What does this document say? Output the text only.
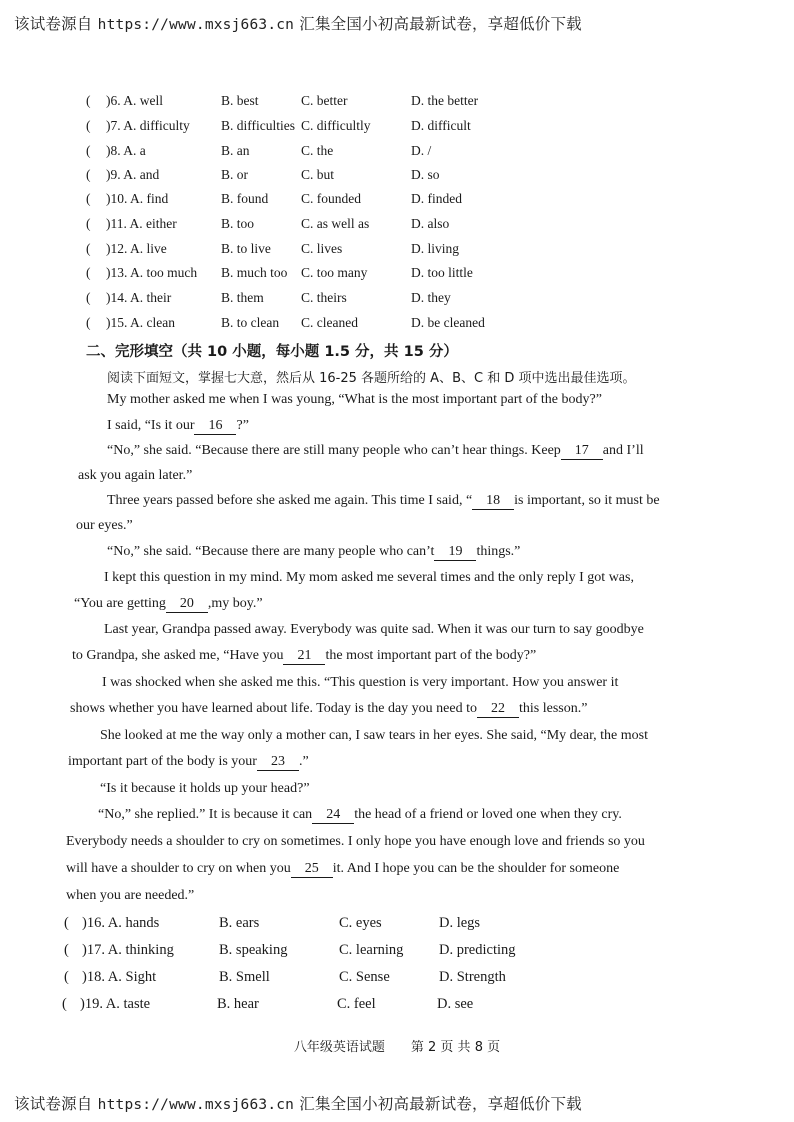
该试卷源自 https://www.mxsj663.cn 汇集全国小初高最新试卷，享超低价下载
( )6. A. well	B. best	C. better	D. the better
( )7. A. difficulty B. difficulties C. difficultly	D. difficult
( )8. A. a	B. an	C. the	D. /
( )9. A. and	B. or	C. but	D. so
( )10. A. find	B. found C. founded	D. finded
( )11. A. either	B. too	C. as well as	D. also
( )12. A. live	B. to live C. lives	D. living
( )13. A. too much B. much too C. too many	D. too little
( )14. A. their	B. them	C. theirs	D. they
( )15. A. clean	B. to clean C. cleaned	D. be cleaned
二、完形填空（共 10 小题，每小题 1.5 分，共 15 分）
阅读下面短文，掌握七大意，然后从 16-25 各题所给的 A、B、C 和 D 项中选出最佳选项。
My mother asked me when I was young, “What is the most important part of the body?”
I said, “Is it our 16 ?”
“No,” she said. “Because there are still many people who can’t hear things. Keep 17 and I’ll
ask you again later.”
Three years passed before she asked me again. This time I said, “ 18 is important, so it must be
our eyes.”
“No,” she said. “Because there are many people who can’t 19 things.”
I kept this question in my mind. My mom asked me several times and the only reply I got was,
“You are getting 20 ,my boy.”
Last year, Grandpa passed away. Everybody was quite sad. When it was our turn to say goodbye
to Grandpa, she asked me, “Have you 21 the most important part of the body?”
I was shocked when she asked me this. “This question is very important. How you answer it
shows whether you have learned about life. Today is the day you need to 22 this lesson.”
She looked at me the way only a mother can, I saw tears in her eyes. She said, “My dear, the most
important part of the body is your 23 .”
“Is it because it holds up your head?”
“No,” she replied.” It is because it can 24 the head of a friend or loved one when they cry.
Everybody needs a shoulder to cry on sometimes. I only hope you have enough love and friends so you
will have a shoulder to cry on when you 25 it. And I hope you can be the shoulder for someone
when you are needed.”
( )16. A. hands	B. ears	C. eyes	D. legs
( )17. A. thinking	B. speaking	C. learning D. predicting
( )18. A. Sight	B. Smell	C. Sense	D. Strength
( )19. A. taste	B. hear	C. feel	D. see
八年级英语试题　　第 2 页 共 8 页
该试卷源自 https://www.mxsj663.cn 汇集全国小初高最新试卷，享超低价下载
